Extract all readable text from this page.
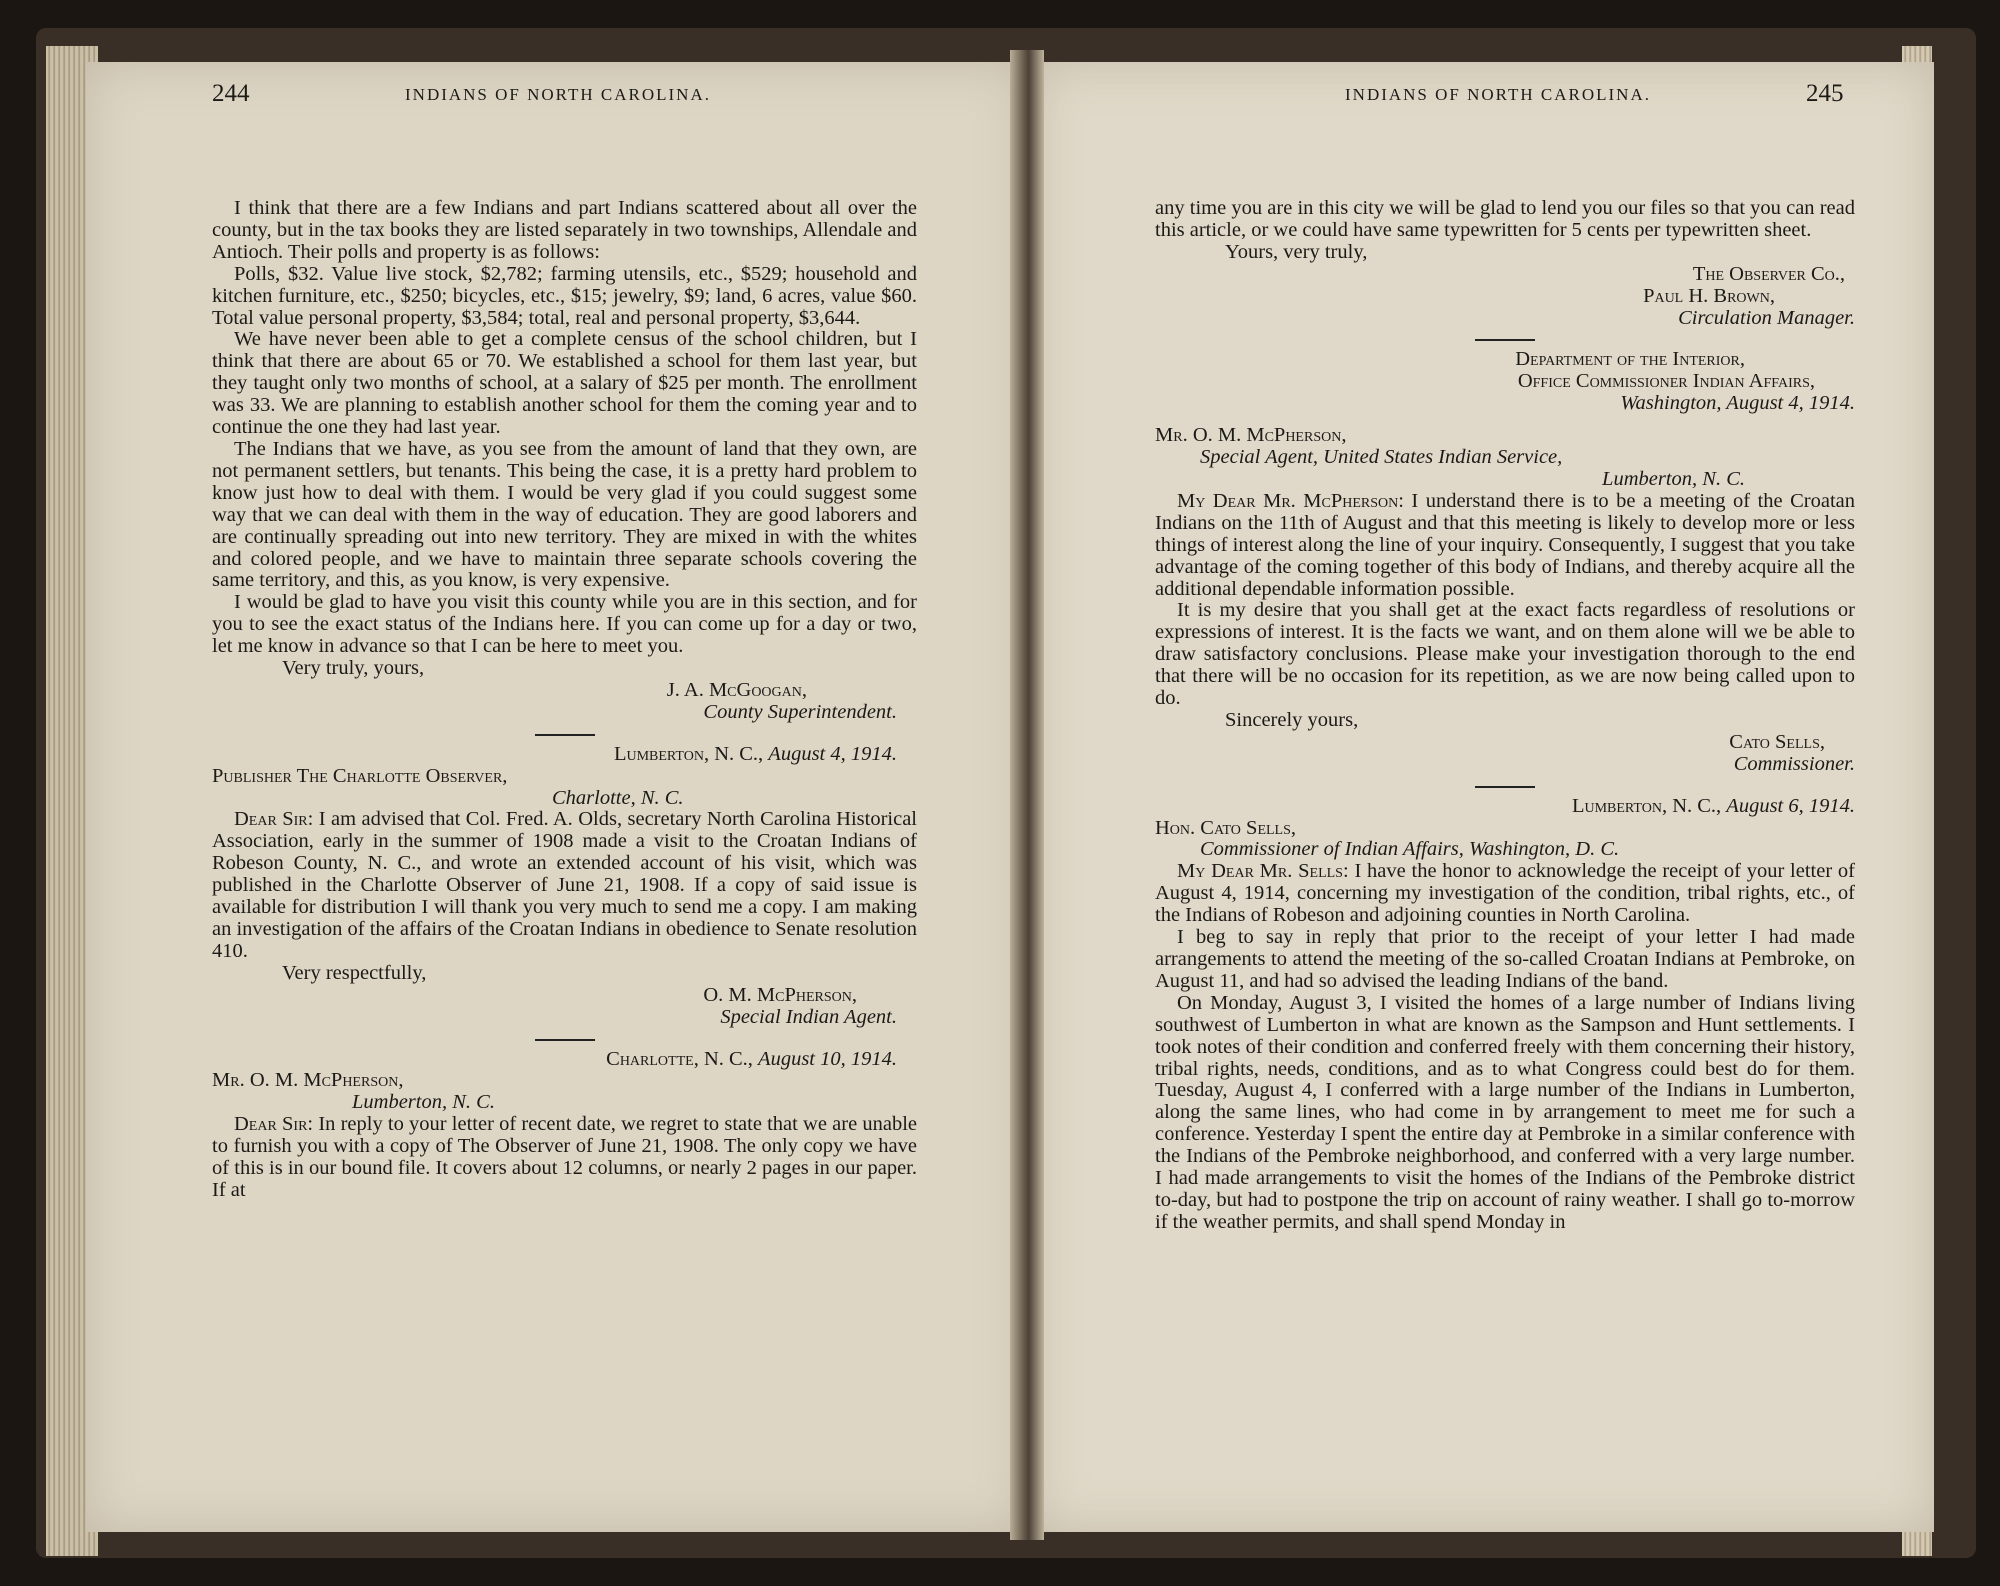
244	INDIANS OF NORTH CAROLINA.

I think that there are a few Indians and part Indians scattered about all over the county, but in the tax books they are listed separately in two townships, Allendale and Antioch. Their polls and property is as follows:

Polls, $32. Value live stock, $2,782; farming utensils, etc., $529; household and kitchen furniture, etc., $250; bicycles, etc., $15; jewelry, $9; land, 6 acres, value $60. Total value personal property, $3,584; total, real and personal property, $3,644.

We have never been able to get a complete census of the school children, but I think that there are about 65 or 70. We established a school for them last year, but they taught only two months of school, at a salary of $25 per month. The enrollment was 33. We are planning to establish another school for them the coming year and to continue the one they had last year.

The Indians that we have, as you see from the amount of land that they own, are not permanent settlers, but tenants. This being the case, it is a pretty hard problem to know just how to deal with them. I would be very glad if you could suggest some way that we can deal with them in the way of education. They are good laborers and are continually spreading out into new territory. They are mixed in with the whites and colored people, and we have to maintain three separate schools covering the same territory, and this, as you know, is very expensive.

I would be glad to have you visit this county while you are in this section, and for you to see the exact status of the Indians here. If you can come up for a day or two, let me know in advance so that I can be here to meet you.

Very truly, yours,
J. A. McGoogan,
County Superintendent.
Lumberton, N. C., August 4, 1914.
Publisher The Charlotte Observer,
Charlotte, N. C.

Dear Sir: I am advised that Col. Fred. A. Olds, secretary North Carolina Historical Association, early in the summer of 1908 made a visit to the Croatan Indians of Robeson County, N. C., and wrote an extended account of his visit, which was published in the Charlotte Observer of June 21, 1908. If a copy of said issue is available for distribution I will thank you very much to send me a copy. I am making an investigation of the affairs of the Croatan Indians in obedience to Senate resolution 410.

Very respectfully,
O. M. McPherson,
Special Indian Agent.
Charlotte, N. C., August 10, 1914.
Mr. O. M. McPherson,
Lumberton, N. C.

Dear Sir: In reply to your letter of recent date, we regret to state that we are unable to furnish you with a copy of The Observer of June 21, 1908. The only copy we have of this is in our bound file. It covers about 12 columns, or nearly 2 pages in our paper. If at

INDIANS OF NORTH CAROLINA.	245

any time you are in this city we will be glad to lend you our files so that you can read this article, or we could have same typewritten for 5 cents per typewritten sheet.

Yours, very truly,
The Observer Co.,
Paul H. Brown,
Circulation Manager.
Department of the Interior,
Office Commissioner Indian Affairs,
Washington, August 4, 1914.
Mr. O. M. McPherson,
Special Agent, United States Indian Service,
Lumberton, N. C.

My Dear Mr. McPherson: I understand there is to be a meeting of the Croatan Indians on the 11th of August and that this meeting is likely to develop more or less things of interest along the line of your inquiry. Consequently, I suggest that you take advantage of the coming together of this body of Indians, and thereby acquire all the additional dependable information possible.

It is my desire that you shall get at the exact facts regardless of resolutions or expressions of interest. It is the facts we want, and on them alone will we be able to draw satisfactory conclusions. Please make your investigation thorough to the end that there will be no occasion for its repetition, as we are now being called upon to do.

Sincerely yours,
Cato Sells,
Commissioner.
Lumberton, N. C., August 6, 1914.
Hon. Cato Sells,
Commissioner of Indian Affairs, Washington, D. C.

My Dear Mr. Sells: I have the honor to acknowledge the receipt of your letter of August 4, 1914, concerning my investigation of the condition, tribal rights, etc., of the Indians of Robeson and adjoining counties in North Carolina.

I beg to say in reply that prior to the receipt of your letter I had made arrangements to attend the meeting of the so-called Croatan Indians at Pembroke, on August 11, and had so advised the leading Indians of the band.

On Monday, August 3, I visited the homes of a large number of Indians living southwest of Lumberton in what are known as the Sampson and Hunt settlements. I took notes of their condition and conferred freely with them concerning their history, tribal rights, needs, conditions, and as to what Congress could best do for them. Tuesday, August 4, I conferred with a large number of the Indians in Lumberton, along the same lines, who had come in by arrangement to meet me for such a conference. Yesterday I spent the entire day at Pembroke in a similar conference with the Indians of the Pembroke neighborhood, and conferred with a very large number. I had made arrangements to visit the homes of the Indians of the Pembroke district to-day, but had to postpone the trip on account of rainy weather. I shall go to-morrow if the weather permits, and shall spend Monday in
